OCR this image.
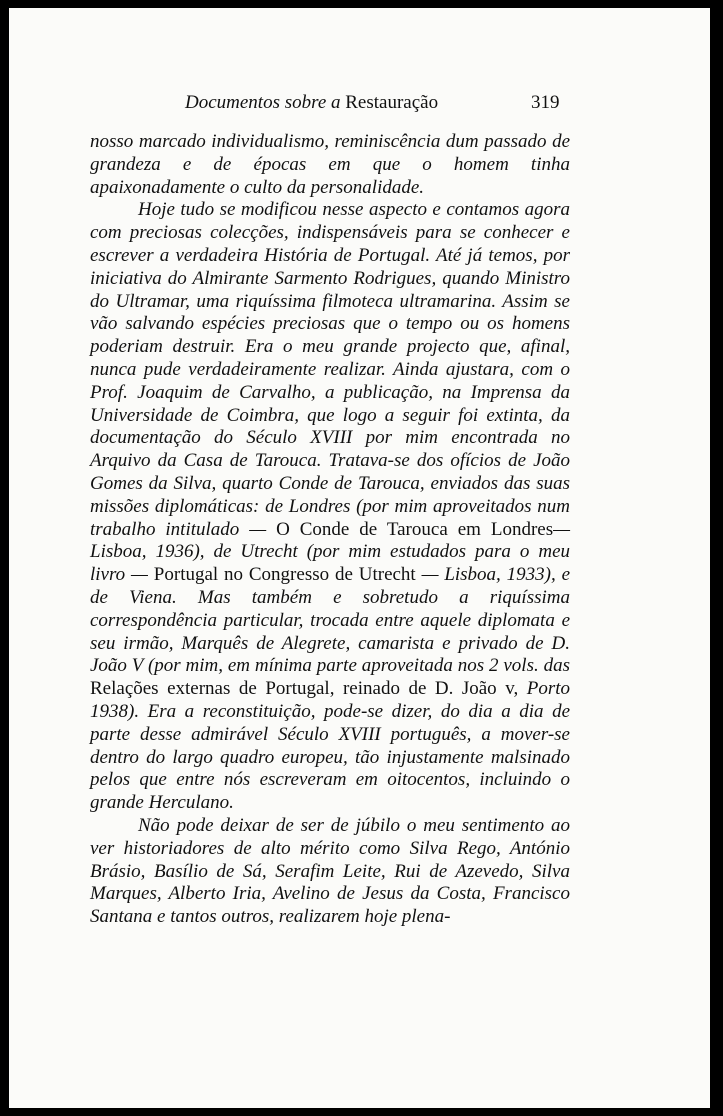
Documentos sobre a Restauração	319

nosso marcado individualismo, reminiscência dum passado de grandeza e de épocas em que o homem tinha apaixonadamente o culto da personalidade.

Hoje tudo se modificou nesse aspecto e contamos agora com preciosas colecções, indispensáveis para se conhecer e escrever a verdadeira História de Portugal. Até já temos, por iniciativa do Almirante Sarmento Rodrigues, quando Ministro do Ultramar, uma riquíssima filmoteca ultramarina. Assim se vão salvando espécies preciosas que o tempo ou os homens poderiam destruir. Era o meu grande projecto que, afinal, nunca pude verdadeiramente realizar. Ainda ajustara, com o Prof. Joaquim de Carvalho, a publicação, na Imprensa da Universidade de Coimbra, que logo a seguir foi extinta, da documentação do Século XVIII por mim encontrada no Arquivo da Casa de Tarouca. Tratava-se dos ofícios de João Gomes da Silva, quarto Conde de Tarouca, enviados das suas missões diplomáticas: de Londres (por mim aproveitados num trabalho intitulado — O Conde de Tarouca em Londres—Lisboa, 1936), de Utrecht (por mim estudados para o meu livro — Portugal no Congresso de Utrecht — Lisboa, 1933), e de Viena. Mas também e sobretudo a riquíssima correspondência particular, trocada entre aquele diplomata e seu irmão, Marquês de Alegrete, camarista e privado de D. João V (por mim, em mínima parte aproveitada nos 2 vols. das Relações externas de Portugal, reinado de D. João v, Porto 1938). Era a reconstituição, pode-se dizer, do dia a dia de parte desse admirável Século XVIII português, a mover-se dentro do largo quadro europeu, tão injustamente malsinado pelos que entre nós escreveram em oitocentos, incluindo o grande Herculano.

Não pode deixar de ser de júbilo o meu sentimento ao ver historiadores de alto mérito como Silva Rego, António Brásio, Basílio de Sá, Serafim Leite, Rui de Azevedo, Silva Marques, Alberto Iria, Avelino de Jesus da Costa, Francisco Santana e tantos outros, realizarem hoje plena-
